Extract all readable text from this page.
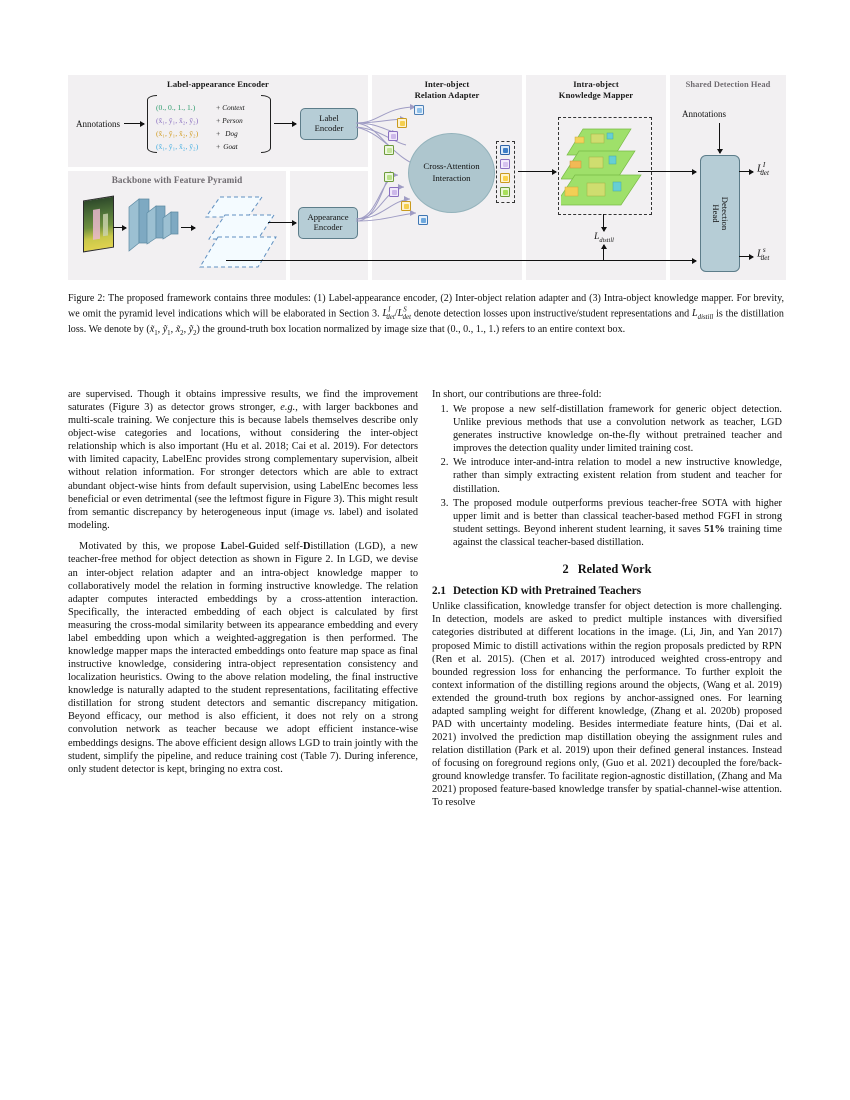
Label-appearance Encoder
Backbone with Feature Pyramid
Inter-object
Relation Adapter
Intra-object
Knowledge Mapper
Shared Detection Head
Annotations
(0., 0., 1., 1.)	+ Context
(x̃₁, ỹ₁, x̃₂, ỹ₂) + Person
(x̃₁, ỹ₁, x̃₂, ỹ₂) + Dog
(x̃₁, ỹ₁, x̃₂, ỹ₂) + Goat
Label
Encoder
Appearance
Encoder
Cross-Attention
Interaction
$L_{distill}$
Annotations
Detection
Head
$L^I_{det}$
$L^s_{det}$
Figure 2: The proposed framework contains three modules: (1) Label-appearance encoder, (2) Inter-object relation adapter and (3) Intra-object knowledge mapper. For brevity, we omit the pyramid level indications which will be elaborated in Section 3. $L^I_{det}/L^S_{det}$ denote detection losses upon instructive/student representations and $L_{distill}$ is the distillation loss. We denote by ($x̃_1$, ỹ$_1$, $x̃_2$, ỹ$_2$) the ground-truth box location normalized by image size that (0., 0., 1., 1.) refers to an entire context box.

are supervised. Though it obtains impressive results, we find the improvement saturates (Figure 3) as detector grows stronger, e.g., with larger backbones and multi-scale training. We conjecture this is because labels themselves describe only object-wise categories and locations, without considering the inter-object relationship which is also important (Hu et al. 2018; Cai et al. 2019). For detectors with limited capacity, LabelEnc provides strong complementary supervision, albeit without relation information. For stronger detectors which are able to extract abundant object-wise hints from default supervision, using LabelEnc becomes less beneficial or even detrimental (see the leftmost figure in Figure 3). This might result from semantic discrepancy by heterogeneous input (image vs. label) and isolated modeling.

Motivated by this, we propose Label-Guided self-Distillation (LGD), a new teacher-free method for object detection as shown in Figure 2. In LGD, we devise an inter-object relation adapter and an intra-object knowledge mapper to collaboratively model the relation in forming instructive knowledge. The relation adapter computes interacted embeddings by a cross-attention interaction. Specifically, the interacted embedding of each object is calculated by first measuring the cross-modal similarity between its appearance embedding and every label embedding upon which a weighted-aggregation is then performed. The knowledge mapper maps the interacted embeddings onto feature map space as final instructive knowledge, considering intra-object representation consistency and localization heuristics. Owing to the above relation modeling, the final instructive knowledge is naturally adapted to the student representations, facilitating effective distillation for strong student detectors and semantic discrepancy mitigation. Beyond efficacy, our method is also efficient, it does not rely on a strong convolution network as teacher because we adopt efficient instance-wise embeddings designs. The above efficient design allows LGD to train jointly with the student, simplify the pipeline, and reduce training cost (Table 7). During inference, only student detector is kept, bringing no extra cost.

In short, our contributions are three-fold:

1. We propose a new self-distillation framework for generic object detection. Unlike previous methods that use a convolution network as teacher, LGD generates instructive knowledge on-the-fly without pretrained teacher and improves the detection quality under limited training cost.
2. We introduce inter-and-intra relation to model a new instructive knowledge, rather than simply extracting existent relation from student and teacher for distillation.
3. The proposed module outperforms previous teacher-free SOTA with higher upper limit and is better than classical teacher-based method FGFI in strong student settings. Beyond inherent student learning, it saves 51% training time against the classical teacher-based distillation.
2 Related Work
2.1 Detection KD with Pretrained Teachers

Unlike classification, knowledge transfer for object detection is more challenging. In detection, models are asked to predict multiple instances with diversified categories distributed at different locations in the image. (Li, Jin, and Yan 2017) proposed Mimic to distill activations within the region proposals predicted by RPN (Ren et al. 2015). (Chen et al. 2017) introduced weighted cross-entropy and bounded regression loss for enhancing the performance. To further exploit the context information of the distilling regions around the objects, (Wang et al. 2019) extended the ground-truth box regions by anchor-assigned ones. For learning adapted sampling weight for different knowledge, (Zhang et al. 2020b) proposed PAD with uncertainty modeling. Besides intermediate feature hints, (Dai et al. 2021) involved the prediction map distillation obeying the assignment rules and relation distillation (Park et al. 2019) upon their defined general instances. Instead of focusing on foreground regions only, (Guo et al. 2021) decoupled the fore/back-ground knowledge transfer. To facilitate region-agnostic distillation, (Zhang and Ma 2021) proposed feature-based knowledge transfer by spatial-channel-wise attention. To resolve
